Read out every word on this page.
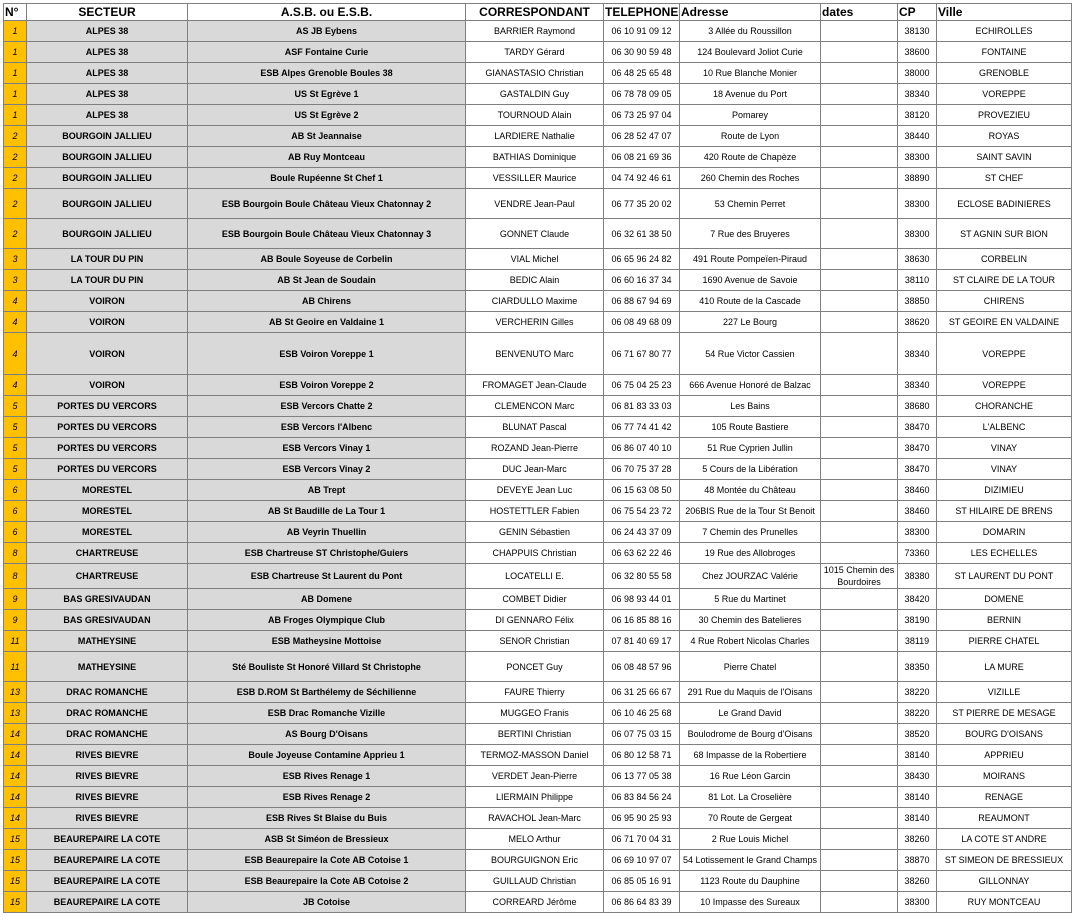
N°	SECTEUR	A.S.B. ou E.S.B.	CORRESPONDANT	TELEPHONE	Adresse	dates	CP	Ville
1	ALPES 38	AS JB Eybens	BARRIER Raymond	06 10 91 09 12	3 Allée du Roussillon		38130	ECHIROLLES
1	ALPES 38	ASF Fontaine Curie	TARDY Gérard	06 30 90 59 48	124 Boulevard Joliot Curie		38600	FONTAINE
1	ALPES 38	ESB Alpes Grenoble Boules 38	GIANASTASIO Christian	06 48 25 65 48	10 Rue Blanche Monier		38000	GRENOBLE
1	ALPES 38	US St Egrève 1	GASTALDIN Guy	06 78 78 09 05	18 Avenue du Port		38340	VOREPPE
1	ALPES 38	US St Egrève 2	TOURNOUD Alain	06 73 25 97 04	Pomarey		38120	PROVEZIEU
2	BOURGOIN JALLIEU	AB St Jeannaise	LARDIERE Nathalie	06 28 52 47 07	Route de Lyon		38440	ROYAS
2	BOURGOIN JALLIEU	AB Ruy Montceau	BATHIAS Dominique	06 08 21 69 36	420 Route de Chapèze		38300	SAINT SAVIN
2	BOURGOIN JALLIEU	Boule Rupéenne St Chef 1	VESSILLER Maurice	04 74 92 46 61	260 Chemin des Roches		38890	ST CHEF
2	BOURGOIN JALLIEU	ESB Bourgoin Boule Château Vieux Chatonnay 2	VENDRE Jean-Paul	06 77 35 20 02	53 Chemin Perret		38300	ECLOSE BADINIERES
2	BOURGOIN JALLIEU	ESB Bourgoin Boule Château Vieux Chatonnay 3	GONNET Claude	06 32 61 38 50	7 Rue des Bruyeres		38300	ST AGNIN SUR BION
3	LA TOUR DU PIN	AB Boule Soyeuse de Corbelin	VIAL Michel	06 65 96 24 82	491 Route Pompeïen-Piraud		38630	CORBELIN
3	LA TOUR DU PIN	AB St Jean de Soudain	BEDIC Alain	06 60 16 37 34	1690 Avenue de Savoie		38110	ST CLAIRE DE LA TOUR
4	VOIRON	AB Chirens	CIARDULLO Maxime	06 88 67 94 69	410 Route de la Cascade		38850	CHIRENS
4	VOIRON	AB St Geoire en Valdaine 1	VERCHERIN Gilles	06 08 49 68 09	227 Le Bourg		38620	ST GEOIRE EN VALDAINE
4	VOIRON	ESB Voiron Voreppe 1	BENVENUTO Marc	06 71 67 80 77	54 Rue Victor Cassien		38340	VOREPPE
4	VOIRON	ESB Voiron Voreppe 2	FROMAGET Jean-Claude	06 75 04 25 23	666 Avenue Honoré de Balzac		38340	VOREPPE
5	PORTES DU VERCORS	ESB Vercors Chatte 2	CLEMENCON Marc	06 81 83 33 03	Les Bains		38680	CHORANCHE
5	PORTES DU VERCORS	ESB Vercors l'Albenc	BLUNAT Pascal	06 77 74 41 42	105 Route Bastiere		38470	L'ALBENC
5	PORTES DU VERCORS	ESB Vercors Vinay 1	ROZAND Jean-Pierre	06 86 07 40 10	51 Rue Cyprien Jullin		38470	VINAY
5	PORTES DU VERCORS	ESB Vercors Vinay 2	DUC Jean-Marc	06 70 75 37 28	5 Cours de la Libération		38470	VINAY
6	MORESTEL	AB Trept	DEVEYE Jean Luc	06 15 63 08 50	48 Montée du Château		38460	DIZIMIEU
6	MORESTEL	AB St Baudille de La Tour 1	HOSTETTLER Fabien	06 75 54 23 72	206BIS Rue de la Tour St Benoit		38460	ST HILAIRE DE BRENS
6	MORESTEL	AB Veyrin Thuellin	GENIN Sébastien	06 24 43 37 09	7 Chemin des Prunelles		38300	DOMARIN
8	CHARTREUSE	ESB Chartreuse ST Christophe/Guiers	CHAPPUIS Christian	06 63 62 22 46	19 Rue des Allobroges		73360	LES ECHELLES
8	CHARTREUSE	ESB Chartreuse St Laurent du Pont	LOCATELLI E.	06 32 80 55 58	Chez JOURZAC Valérie	1015 Chemin des Bourdoires	38380	ST LAURENT DU PONT
9	BAS GRESIVAUDAN	AB Domene	COMBET Didier	06 98 93 44 01	5 Rue du Martinet		38420	DOMENE
9	BAS GRESIVAUDAN	AB Froges Olympique Club	DI GENNARO Félix	06 16 85 88 16	30 Chemin des Batelieres		38190	BERNIN
11	MATHEYSINE	ESB Matheysine Mottoise	SENOR Christian	07 81 40 69 17	4 Rue Robert Nicolas Charles		38119	PIERRE CHATEL
11	MATHEYSINE	Sté Bouliste St Honoré Villard St Christophe	PONCET Guy	06 08 48 57 96	Pierre Chatel		38350	LA MURE
13	DRAC ROMANCHE	ESB D.ROM St Barthélemy de Séchilienne	FAURE Thierry	06 31 25 66 67	291 Rue du Maquis de l'Oisans		38220	VIZILLE
13	DRAC ROMANCHE	ESB Drac Romanche Vizille	MUGGEO Franis	06 10 46 25 68	Le Grand David		38220	ST PIERRE DE MESAGE
14	DRAC ROMANCHE	AS Bourg D'Oisans	BERTINI Christian	06 07 75 03 15	Boulodrome de Bourg d'Oisans		38520	BOURG D'OISANS
14	RIVES BIEVRE	Boule Joyeuse Contamine Apprieu 1	TERMOZ-MASSON Daniel	06 80 12 58 71	68 Impasse de la Robertiere		38140	APPRIEU
14	RIVES BIEVRE	ESB Rives Renage 1	VERDET Jean-Pierre	06 13 77 05 38	16 Rue Léon Garcin		38430	MOIRANS
14	RIVES BIEVRE	ESB Rives Renage 2	LIERMAIN Philippe	06 83 84 56 24	81 Lot. La Croselière		38140	RENAGE
14	RIVES BIEVRE	ESB Rives St Blaise du Buis	RAVACHOL Jean-Marc	06 95 90 25 93	70 Route de Gergeat		38140	REAUMONT
15	BEAUREPAIRE LA COTE	ASB St Siméon de Bressieux	MELO Arthur	06 71 70 04 31	2 Rue Louis Michel		38260	LA COTE ST ANDRE
15	BEAUREPAIRE LA COTE	ESB Beaurepaire la Cote AB Cotoise 1	BOURGUIGNON Eric	06 69 10 97 07	54 Lotissement le Grand Champs		38870	ST SIMEON DE BRESSIEUX
15	BEAUREPAIRE LA COTE	ESB Beaurepaire la Cote AB Cotoise 2	GUILLAUD Christian	06 85 05 16 91	1123 Route du Dauphine		38260	GILLONNAY
15	BEAUREPAIRE LA COTE	JB Cotoise	CORREARD Jérôme	06 86 64 83 39	10 Impasse des Sureaux		38300	RUY MONTCEAU
